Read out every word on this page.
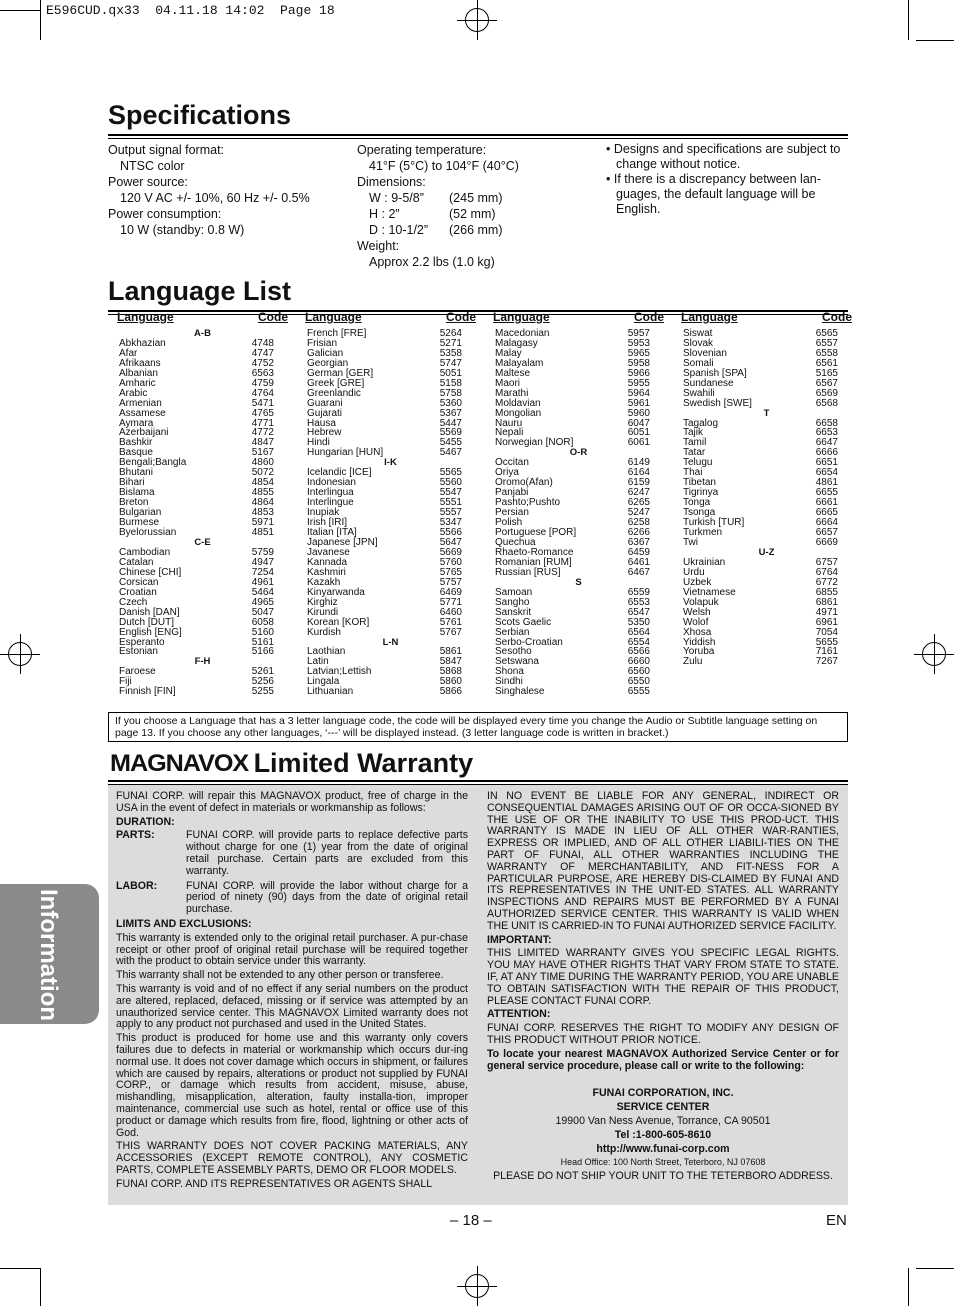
E596CUD.qx33  04.11.18 14:02  Page 18
Specifications
Output signal format:
NTSC color
Power source:
120 V AC +/- 10%, 60 Hz +/- 0.5%
Power consumption:
10 W (standby: 0.8 W)
Operating temperature:
41°F (5°C) to 104°F (40°C)
Dimensions:
W : 9-5/8”	(245 mm)
H : 2”	(52 mm)
D : 10-1/2”	(266 mm)
Weight:
Approx 2.2 lbs (1.0 kg)
• Designs and specifications are subject to change without notice.
• If there is a discrepancy between lan-guages, the default language will be English.
Language List
Language	Code
A-B
Abkhazian	4748
Afar	4747
Afrikaans	4752
Albanian	6563
Amharic	4759
Arabic	4764
Armenian	5471
Assamese	4765
Aymara	4771
Azerbaijani	4772
Bashkir	4847
Basque	5167
Bengali;Bangla	4860
Bhutani	5072
Bihari	4854
Bislama	4855
Breton	4864
Bulgarian	4853
Burmese	5971
Byelorussian	4851
C-E
Cambodian	5759
Catalan	4947
Chinese [CHI]	7254
Corsican	4961
Croatian	5464
Czech	4965
Danish [DAN]	5047
Dutch [DUT]	6058
English [ENG]	5160
Esperanto	5161
Estonian	5166
F-H
Faroese	5261
Fiji	5256
Finnish [FIN]	5255
Language	Code
French [FRE]	5264
Frisian	5271
Galician	5358
Georgian	5747
German [GER]	5051
Greek [GRE]	5158
Greenlandic	5758
Guarani	5360
Gujarati	5367
Hausa	5447
Hebrew	5569
Hindi	5455
Hungarian [HUN]	5467
I-K
Icelandic [ICE]	5565
Indonesian	5560
Interlingua	5547
Interlingue	5551
Inupiak	5557
Irish [IRI]	5347
Italian [ITA]	5566
Japanese [JPN]	5647
Javanese	5669
Kannada	5760
Kashmiri	5765
Kazakh	5757
Kinyarwanda	6469
Kirghiz	5771
Kirundi	6460
Korean [KOR]	5761
Kurdish	5767
L-N
Laothian	5861
Latin	5847
Latvian;Lettish	5868
Lingala	5860
Lithuanian	5866
Language	Code
Macedonian	5957
Malagasy	5953
Malay	5965
Malayalam	5958
Maltese	5966
Maori	5955
Marathi	5964
Moldavian	5961
Mongolian	5960
Nauru	6047
Nepali	6051
Norwegian [NOR]	6061
O-R
Occitan	6149
Oriya	6164
Oromo(Afan)	6159
Panjabi	6247
Pashto;Pushto	6265
Persian	5247
Polish	6258
Portuguese [POR]	6266
Quechua	6367
Rhaeto-Romance	6459
Romanian [RUM]	6461
Russian [RUS]	6467
S
Samoan	6559
Sangho	6553
Sanskrit	6547
Scots Gaelic	5350
Serbian	6564
Serbo-Croatian	6554
Sesotho	6566
Setswana	6660
Shona	6560
Sindhi	6550
Singhalese	6555
Language	Code
Siswat	6565
Slovak	6557
Slovenian	6558
Somali	6561
Spanish [SPA]	5165
Sundanese	6567
Swahili	6569
Swedish [SWE]	6568
T
Tagalog	6658
Tajik	6653
Tamil	6647
Tatar	6666
Telugu	6651
Thai	6654
Tibetan	4861
Tigrinya	6655
Tonga	6661
Tsonga	6665
Turkish [TUR]	6664
Turkmen	6657
Twi	6669
U-Z
Ukrainian	6757
Urdu	6764
Uzbek	6772
Vietnamese	6855
Volapuk	6861
Welsh	4971
Wolof	6961
Xhosa	7054
Yiddish	5655
Yoruba	7161
Zulu	7267
If you choose a Language that has a 3 letter language code, the code will be displayed every time you change the Audio or Subtitle language setting on page 13. If you choose any other languages, ‘---’ will be displayed instead. (3 letter language code is written in bracket.)
MAGNAVOX Limited Warranty

FUNAI CORP. will repair this MAGNAVOX product, free of charge in the USA in the event of defect in materials or workmanship as follows:

DURATION:

PARTS:	FUNAI CORP. will provide parts to replace defective parts without charge for one (1) year from the date of original retail purchase. Certain parts are excluded from this warranty.
LABOR:	FUNAI CORP. will provide the labor without charge for a period of ninety (90) days from the date of original retail purchase.

LIMITS AND EXCLUSIONS:

This warranty is extended only to the original retail purchaser. A pur-chase receipt or other proof of original retail purchase will be required together with the product to obtain service under this warranty.

This warranty shall not be extended to any other person or transferee.

This warranty is void and of no effect if any serial numbers on the product are altered, replaced, defaced, missing or if service was attempted by an unauthorized service center. This MAGNAVOX Limited warranty does not apply to any product not purchased and used in the United States.

This product is produced for home use and this warranty only covers failures due to defects in material or workmanship which occurs dur-ing normal use. It does not cover damage which occurs in shipment, or failures which are caused by repairs, alterations or product not supplied by FUNAI CORP., or damage which results from accident, misuse, abuse, mishandling, misapplication, alteration, faulty installa-tion, improper maintenance, commercial use such as hotel, rental or office use of this product or damage which results from fire, flood, lightning or other acts of God.

THIS WARRANTY DOES NOT COVER PACKING MATERIALS, ANY ACCESSORIES (EXCEPT REMOTE CONTROL), ANY COSMETIC PARTS, COMPLETE ASSEMBLY PARTS, DEMO OR FLOOR MODELS.

FUNAI CORP. AND ITS REPRESENTATIVES OR AGENTS SHALL

IN NO EVENT BE LIABLE FOR ANY GENERAL, INDIRECT OR CONSEQUENTIAL DAMAGES ARISING OUT OF OR OCCA-SIONED BY THE USE OF OR THE INABILITY TO USE THIS PROD-UCT. THIS WARRANTY IS MADE IN LIEU OF ALL OTHER WAR-RANTIES, EXPRESS OR IMPLIED, AND OF ALL OTHER LIABILI-TIES ON THE PART OF FUNAI, ALL OTHER WARRANTIES INCLUDING THE WARRANTY OF MERCHANTABILITY, AND FIT-NESS FOR A PARTICULAR PURPOSE, ARE HEREBY DIS-CLAIMED BY FUNAI AND ITS REPRESENTATIVES IN THE UNIT-ED STATES. ALL WARRANTY INSPECTIONS AND REPAIRS MUST BE PERFORMED BY A FUNAI AUTHORIZED SERVICE CENTER. THIS WARRANTY IS VALID WHEN THE UNIT IS CARRIED-IN TO FUNAI AUTHORIZED SERVICE FACILITY.

IMPORTANT:

THIS LIMITED WARRANTY GIVES YOU SPECIFIC LEGAL RIGHTS. YOU MAY HAVE OTHER RIGHTS THAT VARY FROM STATE TO STATE. IF, AT ANY TIME DURING THE WARRANTY PERIOD, YOU ARE UNABLE TO OBTAIN SATISFACTION WITH THE REPAIR OF THIS PRODUCT, PLEASE CONTACT FUNAI CORP.

ATTENTION:

FUNAI CORP. RESERVES THE RIGHT TO MODIFY ANY DESIGN OF THIS PRODUCT WITHOUT PRIOR NOTICE.

To locate your nearest MAGNAVOX Authorized Service Center or for general service procedure, please call or write to the following:

FUNAI CORPORATION, INC.

SERVICE CENTER

19900 Van Ness Avenue, Torrance, CA 90501

Tel :1-800-605-8610

http://www.funai-corp.com

Head Office: 100 North Street, Teterboro, NJ 07608

PLEASE DO NOT SHIP YOUR UNIT TO THE TETERBORO ADDRESS.

Information
– 18 –	EN
